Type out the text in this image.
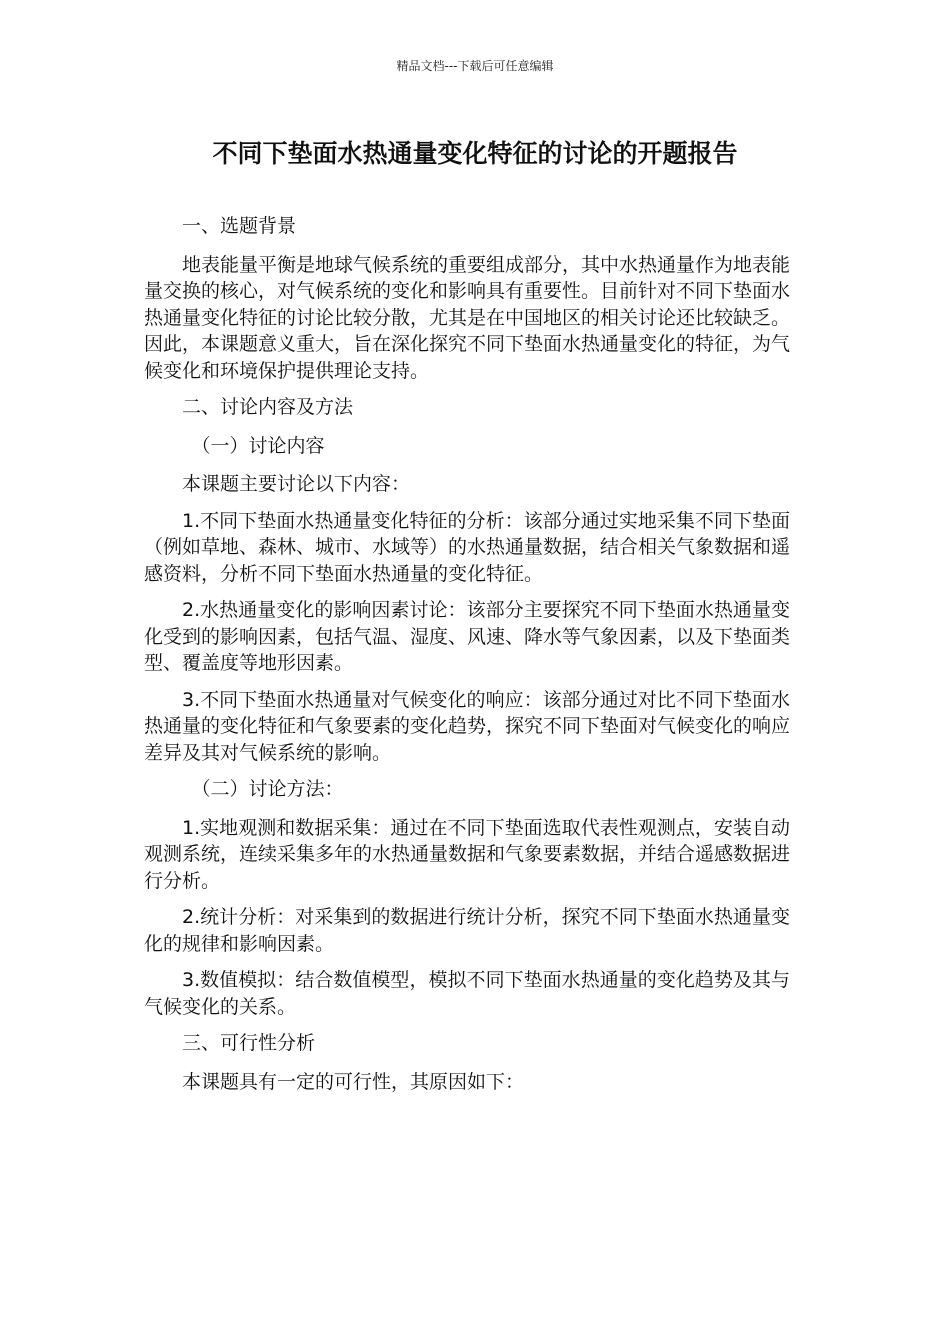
精品文档---下载后可任意编辑
不同下垫面水热通量变化特征的讨论的开题报告

一、选题背景

地表能量平衡是地球气候系统的重要组成部分，其中水热通量作为地表能量交换的核心，对气候系统的变化和影响具有重要性。目前针对不同下垫面水热通量变化特征的讨论比较分散，尤其是在中国地区的相关讨论还比较缺乏。因此，本课题意义重大，旨在深化探究不同下垫面水热通量变化的特征，为气候变化和环境保护提供理论支持。

二、讨论内容及方法

（一）讨论内容

本课题主要讨论以下内容：

1.不同下垫面水热通量变化特征的分析：该部分通过实地采集不同下垫面（例如草地、森林、城市、水域等）的水热通量数据，结合相关气象数据和遥感资料，分析不同下垫面水热通量的变化特征。

2.水热通量变化的影响因素讨论：该部分主要探究不同下垫面水热通量变化受到的影响因素，包括气温、湿度、风速、降水等气象因素，以及下垫面类型、覆盖度等地形因素。

3.不同下垫面水热通量对气候变化的响应：该部分通过对比不同下垫面水热通量的变化特征和气象要素的变化趋势，探究不同下垫面对气候变化的响应差异及其对气候系统的影响。

（二）讨论方法：

1.实地观测和数据采集：通过在不同下垫面选取代表性观测点，安装自动观测系统，连续采集多年的水热通量数据和气象要素数据，并结合遥感数据进行分析。

2.统计分析：对采集到的数据进行统计分析，探究不同下垫面水热通量变化的规律和影响因素。

3.数值模拟：结合数值模型，模拟不同下垫面水热通量的变化趋势及其与气候变化的关系。

三、可行性分析

本课题具有一定的可行性，其原因如下：
